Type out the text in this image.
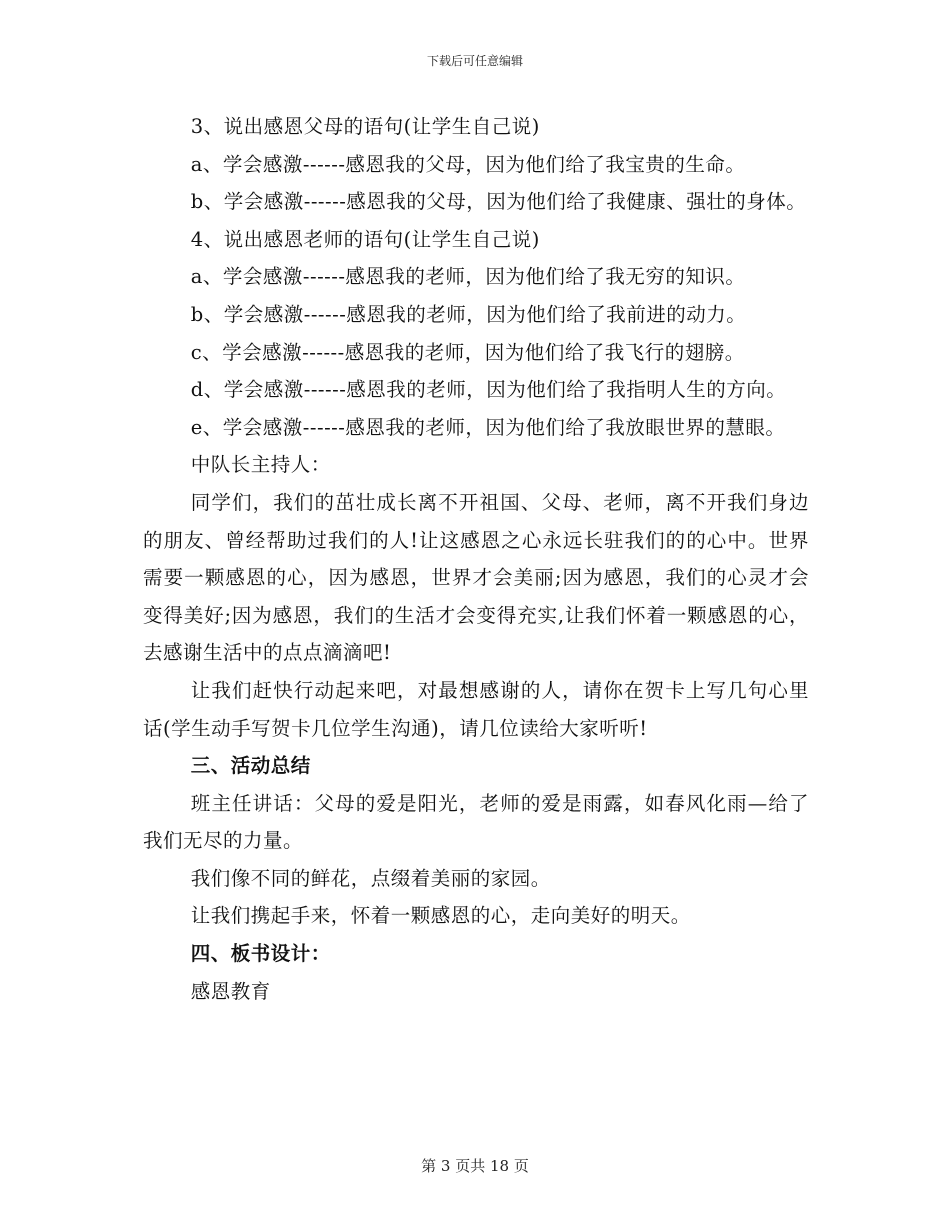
下载后可任意编辑

3、说出感恩父母的语句(让学生自己说)

a、学会感激------感恩我的父母，因为他们给了我宝贵的生命。

b、学会感激------感恩我的父母，因为他们给了我健康、强壮的身体。

4、说出感恩老师的语句(让学生自己说)

a、学会感激------感恩我的老师，因为他们给了我无穷的知识。

b、学会感激------感恩我的老师，因为他们给了我前进的动力。

c、学会感激------感恩我的老师，因为他们给了我飞行的翅膀。

d、学会感激------感恩我的老师，因为他们给了我指明人生的方向。

e、学会感激------感恩我的老师，因为他们给了我放眼世界的慧眼。

中队长主持人：

同学们，我们的茁壮成长离不开祖国、父母、老师，离不开我们身边的朋友、曾经帮助过我们的人!让这感恩之心永远长驻我们的的心中。世界需要一颗感恩的心，因为感恩，世界才会美丽;因为感恩，我们的心灵才会变得美好;因为感恩，我们的生活才会变得充实,让我们怀着一颗感恩的心，去感谢生活中的点点滴滴吧!

让我们赶快行动起来吧，对最想感谢的人，请你在贺卡上写几句心里话(学生动手写贺卡几位学生沟通)，请几位读给大家听听!

三、活动总结

班主任讲话：父母的爱是阳光，老师的爱是雨露，如春风化雨—给了我们无尽的力量。

我们像不同的鲜花，点缀着美丽的家园。

让我们携起手来，怀着一颗感恩的心，走向美好的明天。

四、板书设计：

感恩教育

第 3 页共 18 页
